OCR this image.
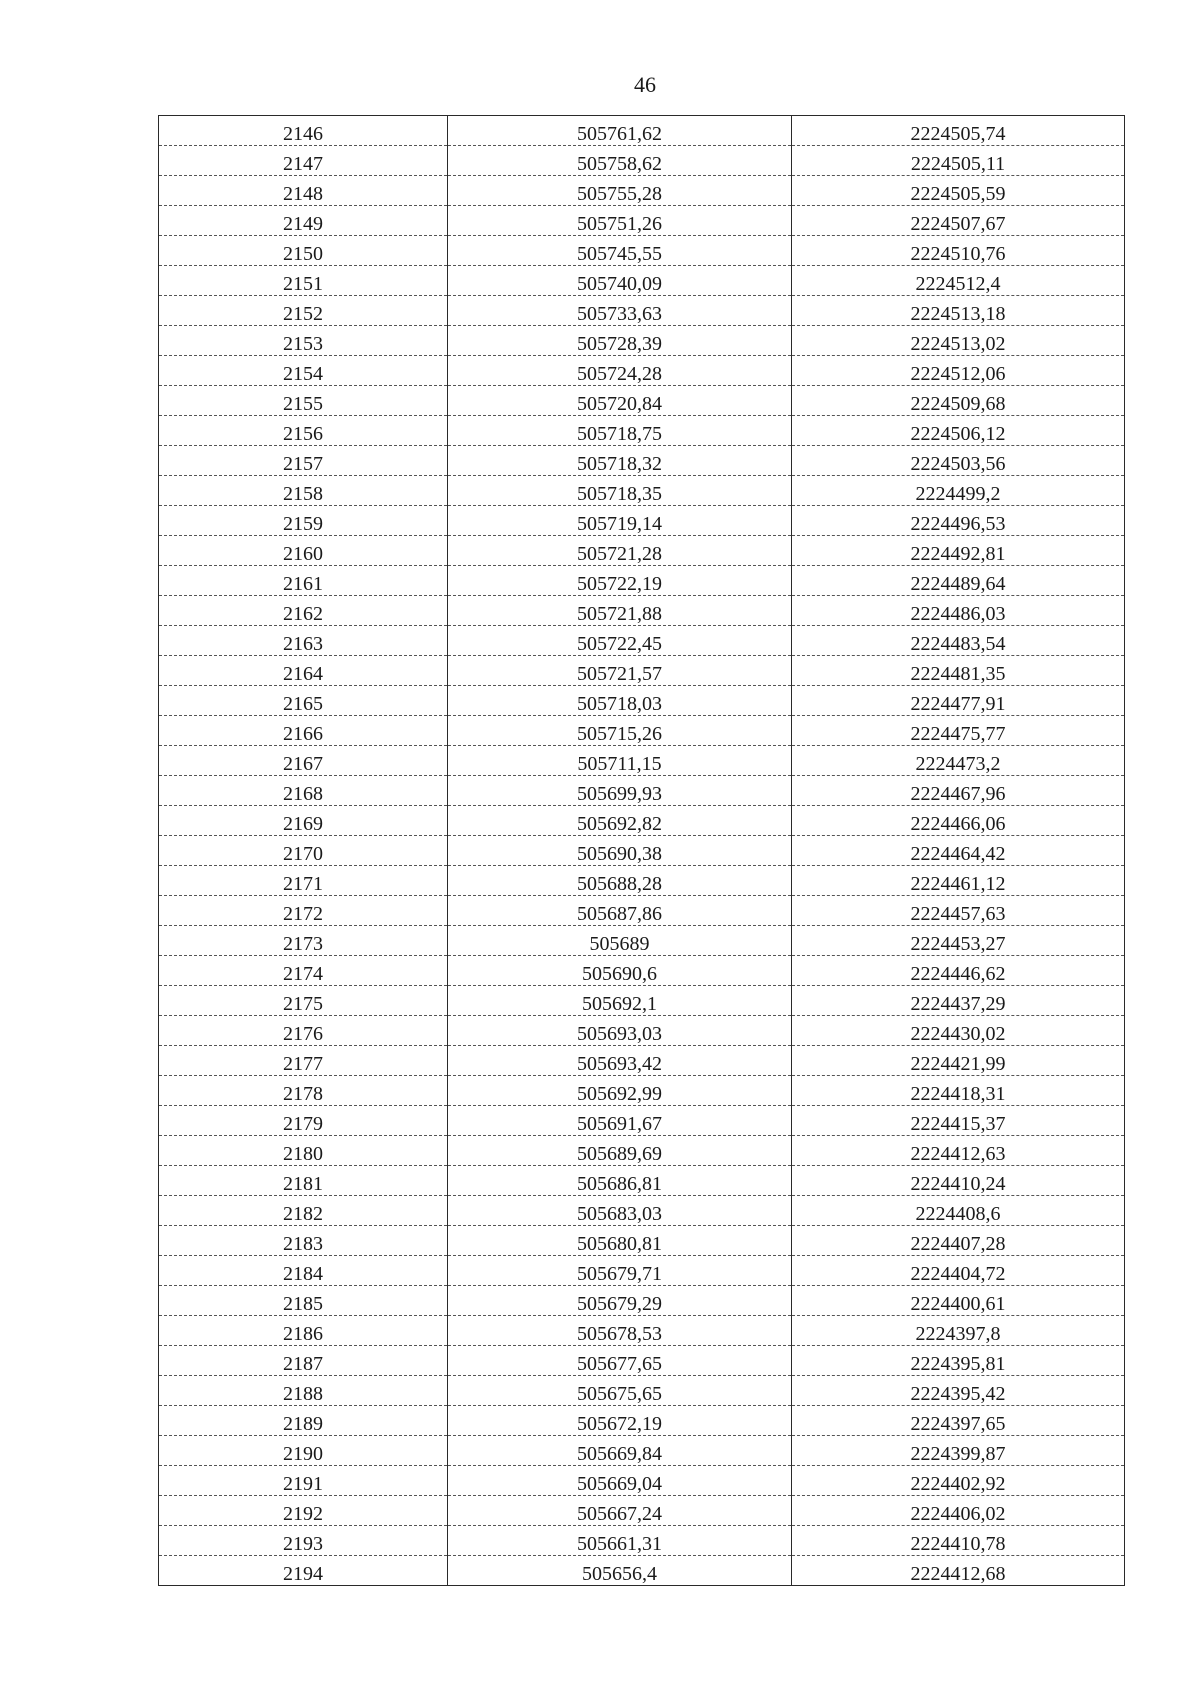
46
2146	505761,62	2224505,74
2147	505758,62	2224505,11
2148	505755,28	2224505,59
2149	505751,26	2224507,67
2150	505745,55	2224510,76
2151	505740,09	2224512,4
2152	505733,63	2224513,18
2153	505728,39	2224513,02
2154	505724,28	2224512,06
2155	505720,84	2224509,68
2156	505718,75	2224506,12
2157	505718,32	2224503,56
2158	505718,35	2224499,2
2159	505719,14	2224496,53
2160	505721,28	2224492,81
2161	505722,19	2224489,64
2162	505721,88	2224486,03
2163	505722,45	2224483,54
2164	505721,57	2224481,35
2165	505718,03	2224477,91
2166	505715,26	2224475,77
2167	505711,15	2224473,2
2168	505699,93	2224467,96
2169	505692,82	2224466,06
2170	505690,38	2224464,42
2171	505688,28	2224461,12
2172	505687,86	2224457,63
2173	505689	2224453,27
2174	505690,6	2224446,62
2175	505692,1	2224437,29
2176	505693,03	2224430,02
2177	505693,42	2224421,99
2178	505692,99	2224418,31
2179	505691,67	2224415,37
2180	505689,69	2224412,63
2181	505686,81	2224410,24
2182	505683,03	2224408,6
2183	505680,81	2224407,28
2184	505679,71	2224404,72
2185	505679,29	2224400,61
2186	505678,53	2224397,8
2187	505677,65	2224395,81
2188	505675,65	2224395,42
2189	505672,19	2224397,65
2190	505669,84	2224399,87
2191	505669,04	2224402,92
2192	505667,24	2224406,02
2193	505661,31	2224410,78
2194	505656,4	2224412,68
